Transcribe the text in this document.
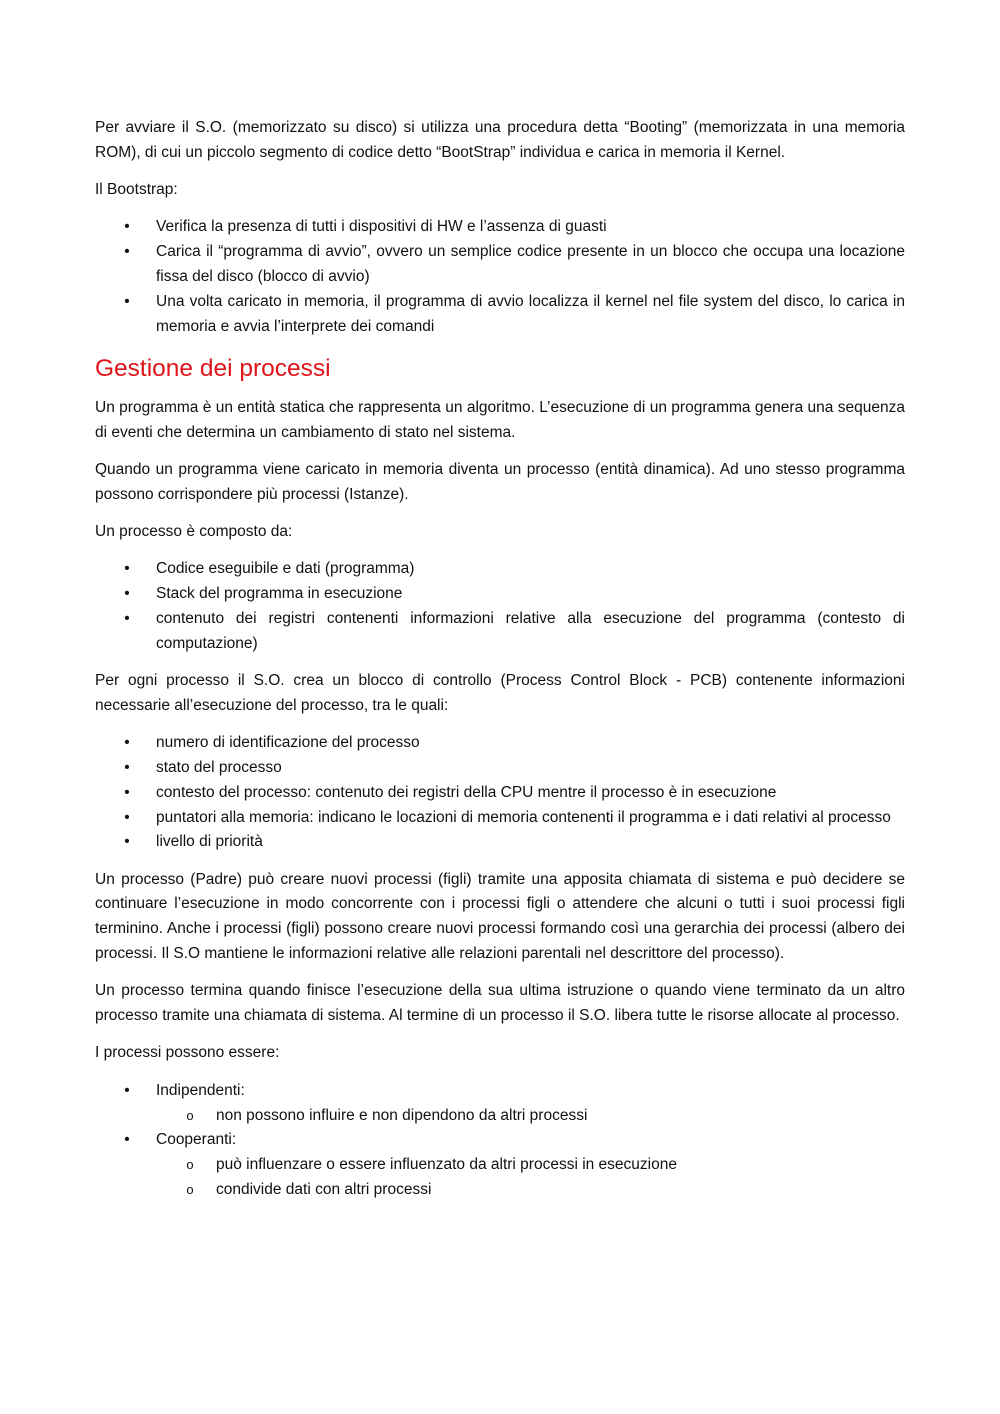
Per avviare il S.O. (memorizzato su disco) si utilizza una procedura detta “Booting” (memorizzata in una memoria ROM), di cui un piccolo segmento di codice detto “BootStrap” individua e carica in memoria il Kernel.

Il Bootstrap:

• Verifica la presenza di tutti i dispositivi di HW e l’assenza di guasti
• Carica il “programma di avvio”, ovvero un semplice codice presente in un blocco che occupa una locazione fissa del disco (blocco di avvio)
• Una volta caricato in memoria, il programma di avvio localizza il kernel nel file system del disco, lo carica in memoria e avvia l’interprete dei comandi
Gestione dei processi

Un programma è un entità statica che rappresenta un algoritmo. L’esecuzione di un programma genera una sequenza di eventi che determina un cambiamento di stato nel sistema.

Quando un programma viene caricato in memoria diventa un processo (entità dinamica). Ad uno stesso programma possono corrispondere più processi (Istanze).

Un processo è composto da:

• Codice eseguibile e dati (programma)
• Stack del programma in esecuzione
• contenuto dei registri contenenti informazioni relative alla esecuzione del programma (contesto di computazione)

Per ogni processo il S.O. crea un blocco di controllo (Process Control Block - PCB) contenente informazioni necessarie all’esecuzione del processo, tra le quali:

• numero di identificazione del processo
• stato del processo
• contesto del processo: contenuto dei registri della CPU mentre il processo è in esecuzione
• puntatori alla memoria: indicano le locazioni di memoria contenenti il programma e i dati relativi al processo
• livello di priorità

Un processo (Padre) può creare nuovi processi (figli) tramite una apposita chiamata di sistema e può decidere se continuare l’esecuzione in modo concorrente con i processi figli o attendere che alcuni o tutti i suoi processi figli terminino. Anche i processi (figli) possono creare nuovi processi formando così una gerarchia dei processi (albero dei processi. Il S.O mantiene le informazioni relative alle relazioni parentali nel descrittore del processo).

Un processo termina quando finisce l’esecuzione della sua ultima istruzione o quando viene terminato da un altro processo tramite una chiamata di sistema. Al termine di un processo il S.O. libera tutte le risorse allocate al processo.

I processi possono essere:

• Indipendenti:
o non possono influire e non dipendono da altri processi
• Cooperanti:
o può influenzare o essere influenzato da altri processi in esecuzione
o condivide dati con altri processi
